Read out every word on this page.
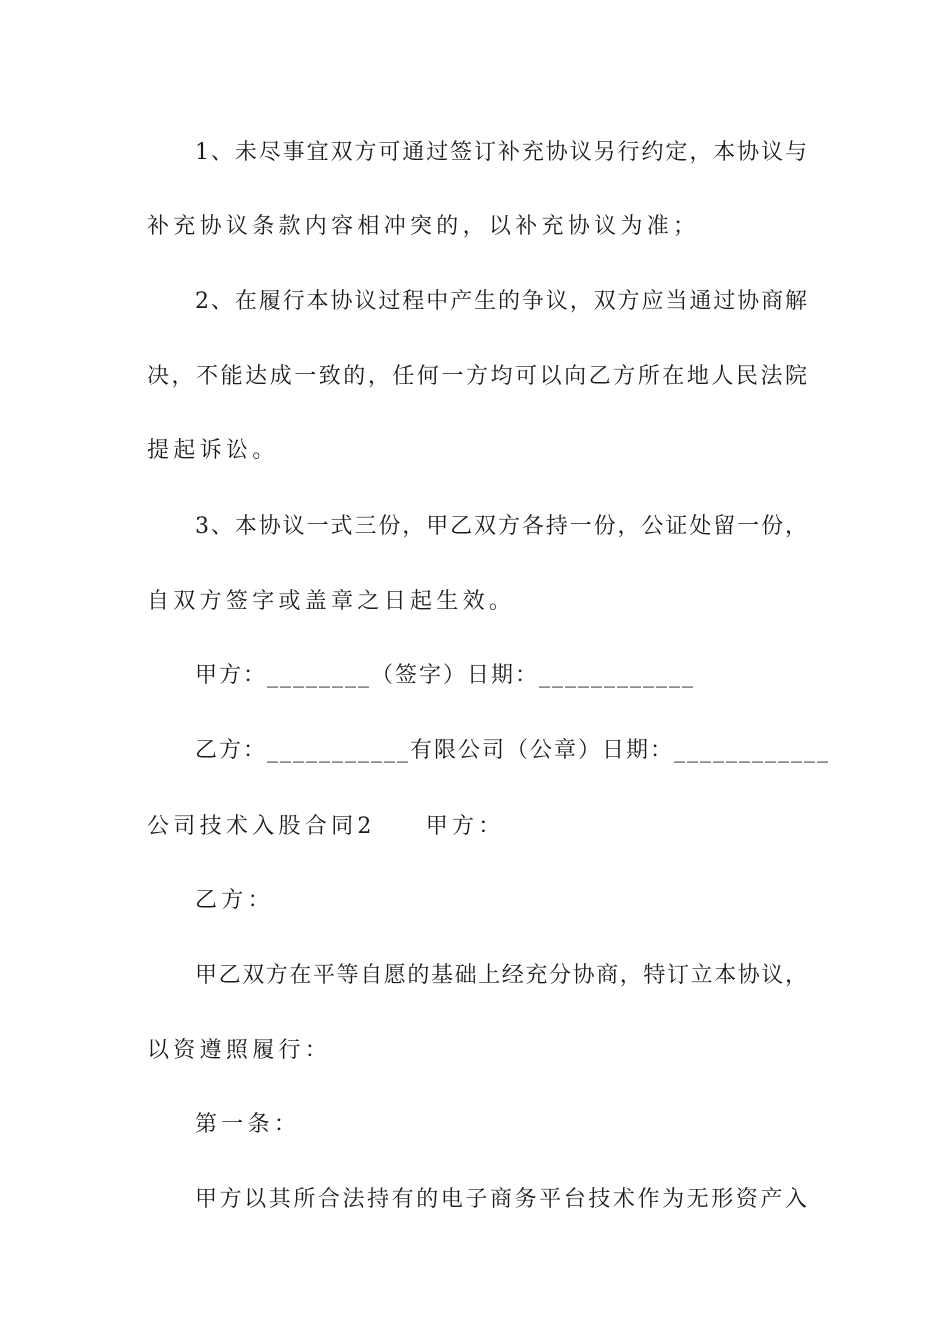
1、未尽事宜双方可通过签订补充协议另行约定，本协议与
补充协议条款内容相冲突的，以补充协议为准；
2、在履行本协议过程中产生的争议，双方应当通过协商解
决，不能达成一致的，任何一方均可以向乙方所在地人民法院
提起诉讼。
3、本协议一式三份，甲乙双方各持一份，公证处留一份，
自双方签字或盖章之日起生效。
甲方：________（签字）日期：____________
乙方：___________有限公司（公章）日期：____________
公司技术入股合同2 甲方：
乙方：
甲乙双方在平等自愿的基础上经充分协商，特订立本协议，
以资遵照履行：
第一条：
甲方以其所合法持有的电子商务平台技术作为无形资产入
